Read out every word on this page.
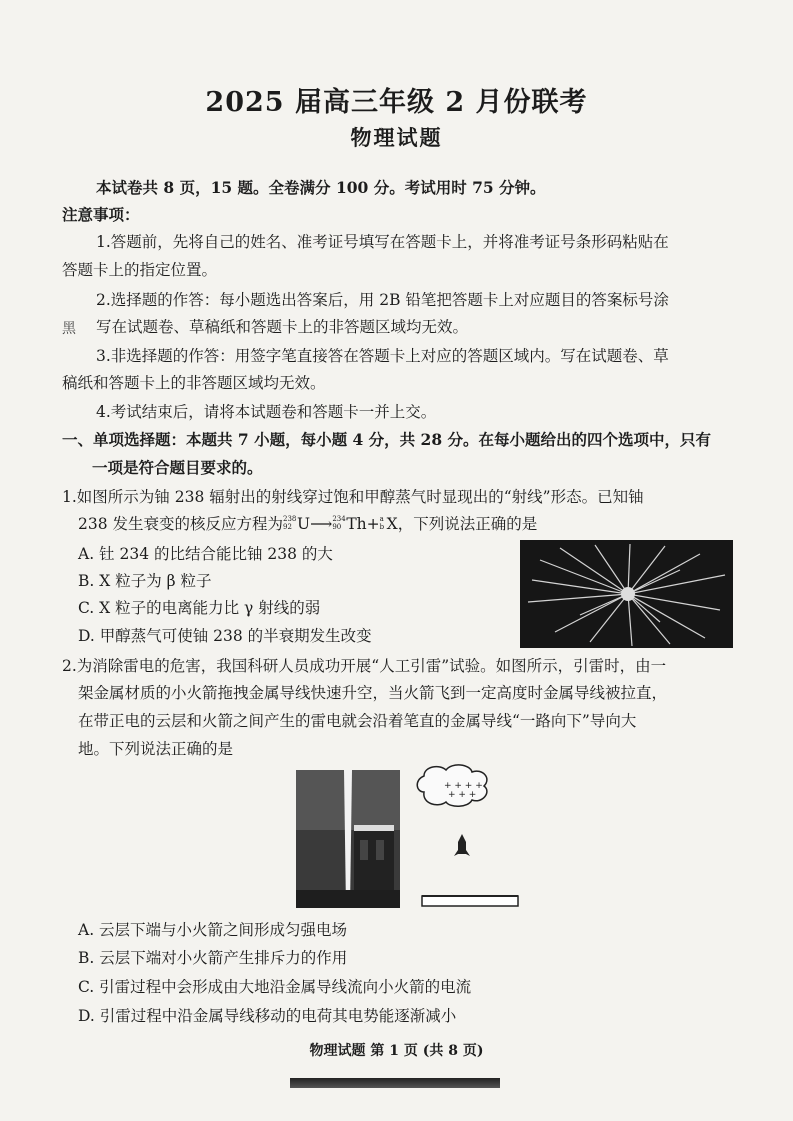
2025 届高三年级 2 月份联考
物理试题
本试卷共 8 页，15 题。全卷满分 100 分。考试用时 75 分钟。
注意事项：
1.答题前，先将自己的姓名、准考证号填写在答题卡上，并将准考证号条形码粘贴在
答题卡上的指定位置。
2.选择题的作答：每小题选出答案后，用 2B 铅笔把答题卡上对应题目的答案标号涂
黑 写在试题卷、草稿纸和答题卡上的非答题区域均无效。
3.非选择题的作答：用签字笔直接答在答题卡上对应的答题区域内。写在试题卷、草
稿纸和答题卡上的非答题区域均无效。
4.考试结束后，请将本试题卷和答题卡一并上交。
一、单项选择题：本题共 7 小题，每小题 4 分，共 28 分。在每小题给出的四个选项中，只有
一项是符合题目要求的。
1.如图所示为铀 238 辐射出的射线穿过饱和甲醇蒸气时显现出的“射线”形态。已知铀
238 发生衰变的核反应方程为 238
92 U⟶ 234
90 Th+ a
b X，下列说法正确的是
A. 钍 234 的比结合能比铀 238 的大
B. X 粒子为 β 粒子
C. X 粒子的电离能力比 γ 射线的弱
D. 甲醇蒸气可使铀 238 的半衰期发生改变
2.为消除雷电的危害，我国科研人员成功开展“人工引雷”试验。如图所示，引雷时，由一
架金属材质的小火箭拖拽金属导线快速升空，当火箭飞到一定高度时金属导线被拉直，
在带正电的云层和火箭之间产生的雷电就会沿着笔直的金属导线“一路向下”导向大
地。下列说法正确的是
+ + + +
+ + +
A. 云层下端与小火箭之间形成匀强电场
B. 云层下端对小火箭产生排斥力的作用
C. 引雷过程中会形成由大地沿金属导线流向小火箭的电流
D. 引雷过程中沿金属导线移动的电荷其电势能逐渐减小
物理试题 第 1 页 (共 8 页)
